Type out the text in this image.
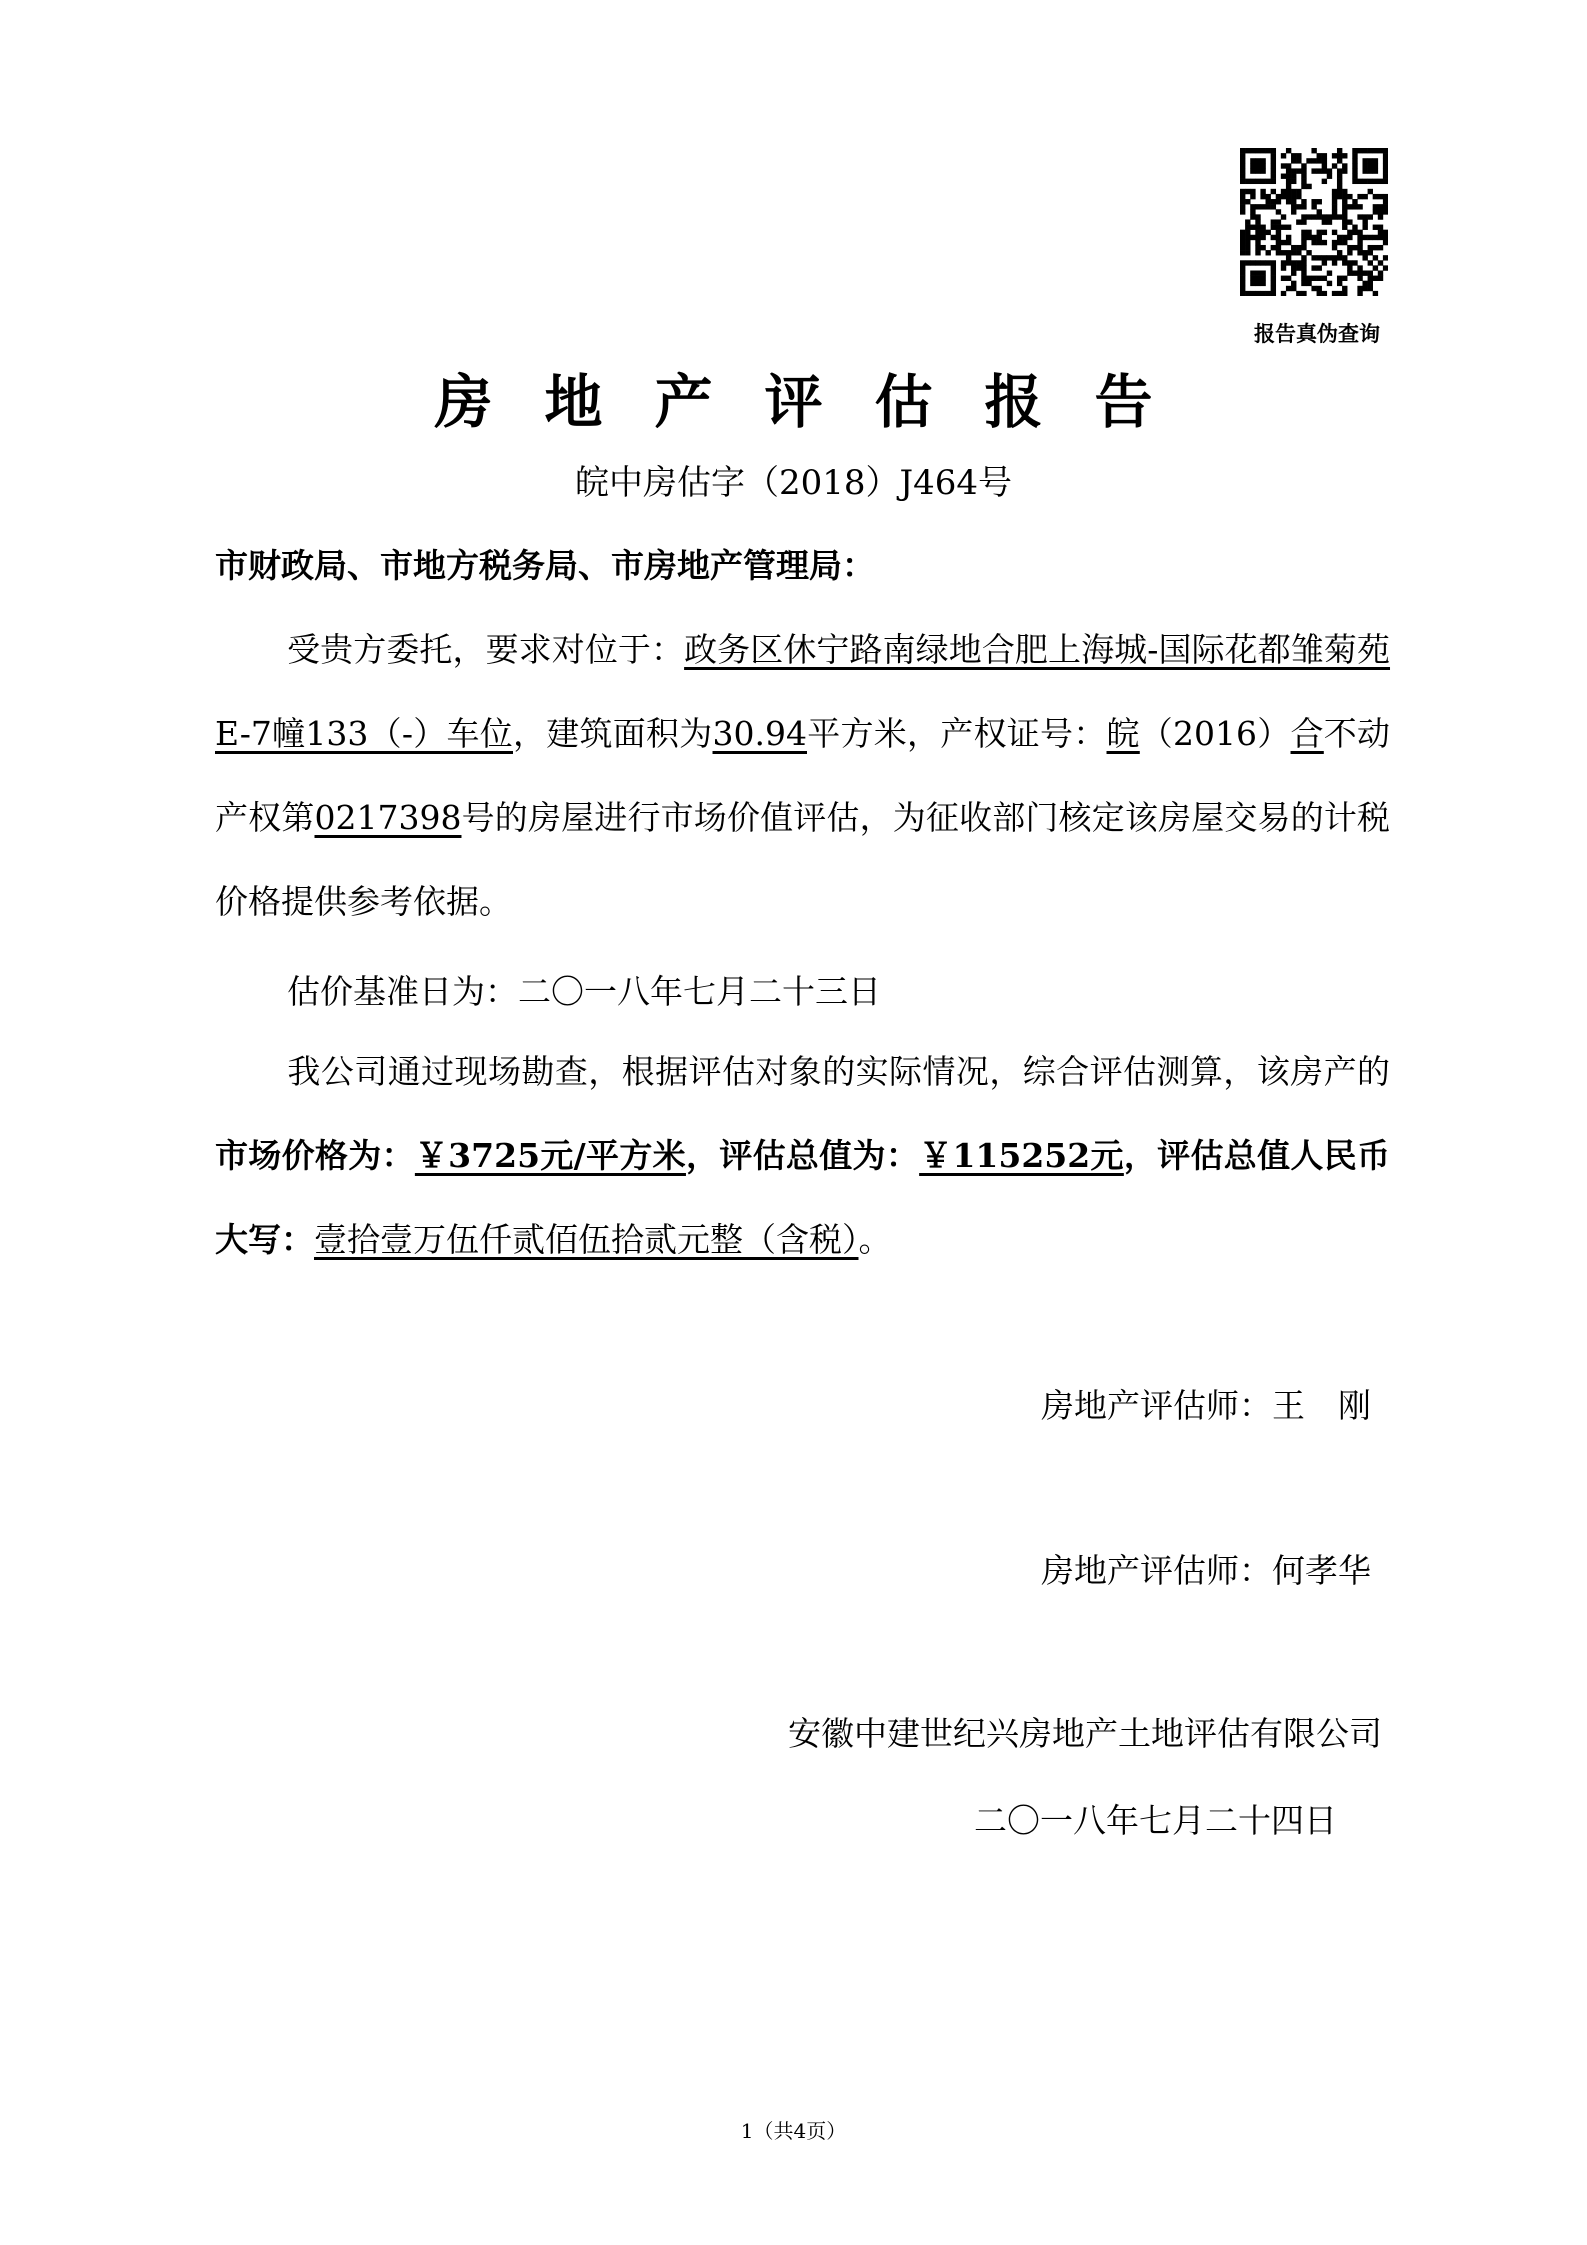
报告真伪查询
房地产评估报告
皖中房估字（2018）J464号
市财政局、市地方税务局、市房地产管理局：
受贵方委托，要求对位于：政务区休宁路南绿地合肥上海城-国际花都雏菊苑E-7幢133（-）车位，建筑面积为30.94平方米，产权证号：皖（2016）合不动产权第0217398号的房屋进行市场价值评估，为征收部门核定该房屋交易的计税价格提供参考依据。
估价基准日为：二〇一八年七月二十三日
我公司通过现场勘查，根据评估对象的实际情况，综合评估测算，该房产的市场价格为：￥3725元/平方米，评估总值为：￥115252元，评估总值人民币大写：壹拾壹万伍仟贰佰伍拾贰元整（含税）。
房地产评估师：王　刚
房地产评估师：何孝华
安徽中建世纪兴房地产土地评估有限公司
二〇一八年七月二十四日
1（共4页）
